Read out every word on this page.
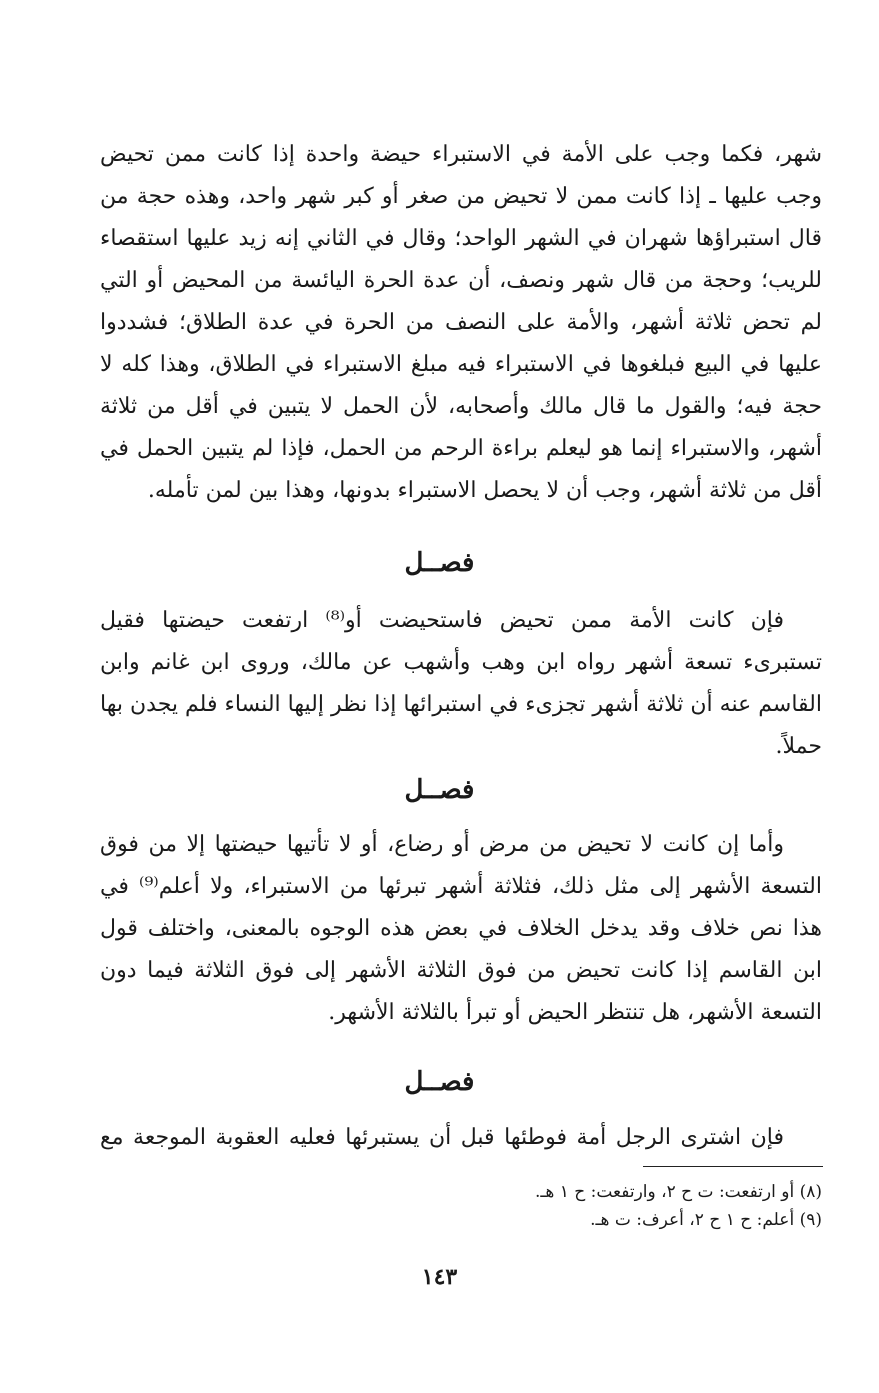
شهر، فكما وجب على الأمة في الاستبراء حيضة واحدة إذا كانت ممن تحيض
وجب عليها ـ إذا كانت ممن لا تحيض من صغر أو كبر شهر واحد، وهذه حجة من
قال استبراؤها شهران في الشهر الواحد؛ وقال في الثاني إنه زيد عليها استقصاء
للريب؛ وحجة من قال شهر ونصف، أن عدة الحرة اليائسة من المحيض أو التي
لم تحض ثلاثة أشهر، والأمة على النصف من الحرة في عدة الطلاق؛ فشددوا
عليها في البيع فبلغوها في الاستبراء فيه مبلغ الاستبراء في الطلاق، وهذا كله لا
حجة فيه؛ والقول ما قال مالك وأصحابه، لأن الحمل لا يتبين في أقل من ثلاثة
أشهر، والاستبراء إنما هو ليعلم براءة الرحم من الحمل، فإذا لم يتبين الحمل في
أقل من ثلاثة أشهر، وجب أن لا يحصل الاستبراء بدونها، وهذا بين لمن تأمله.
فصــل
فإن كانت الأمة ممن تحيض فاستحيضت أو⁽⁸⁾ ارتفعت حيضتها فقيل
تستبرىء تسعة أشهر رواه ابن وهب وأشهب عن مالك، وروى ابن غانم وابن
القاسم عنه أن ثلاثة أشهر تجزىء في استبرائها إذا نظر إليها النساء فلم يجدن بها
حملاً.
فصــل
وأما إن كانت لا تحيض من مرض أو رضاع، أو لا تأتيها حيضتها إلا من فوق
التسعة الأشهر إلى مثل ذلك، فثلاثة أشهر تبرئها من الاستبراء، ولا أعلم⁽⁹⁾ في
هذا نص خلاف وقد يدخل الخلاف في بعض هذه الوجوه بالمعنى، واختلف قول
ابن القاسم إذا كانت تحيض من فوق الثلاثة الأشهر إلى فوق الثلاثة فيما دون
التسعة الأشهر، هل تنتظر الحيض أو تبرأ بالثلاثة الأشهر.
فصــل
فإن اشترى الرجل أمة فوطئها قبل أن يستبرئها فعليه العقوبة الموجعة مع
(٨) أو ارتفعت: ت ح ٢، وارتفعت: ح ١ هـ.
(٩) أعلم: ح ١ ح ٢، أعرف: ت هـ.
١٤٣
